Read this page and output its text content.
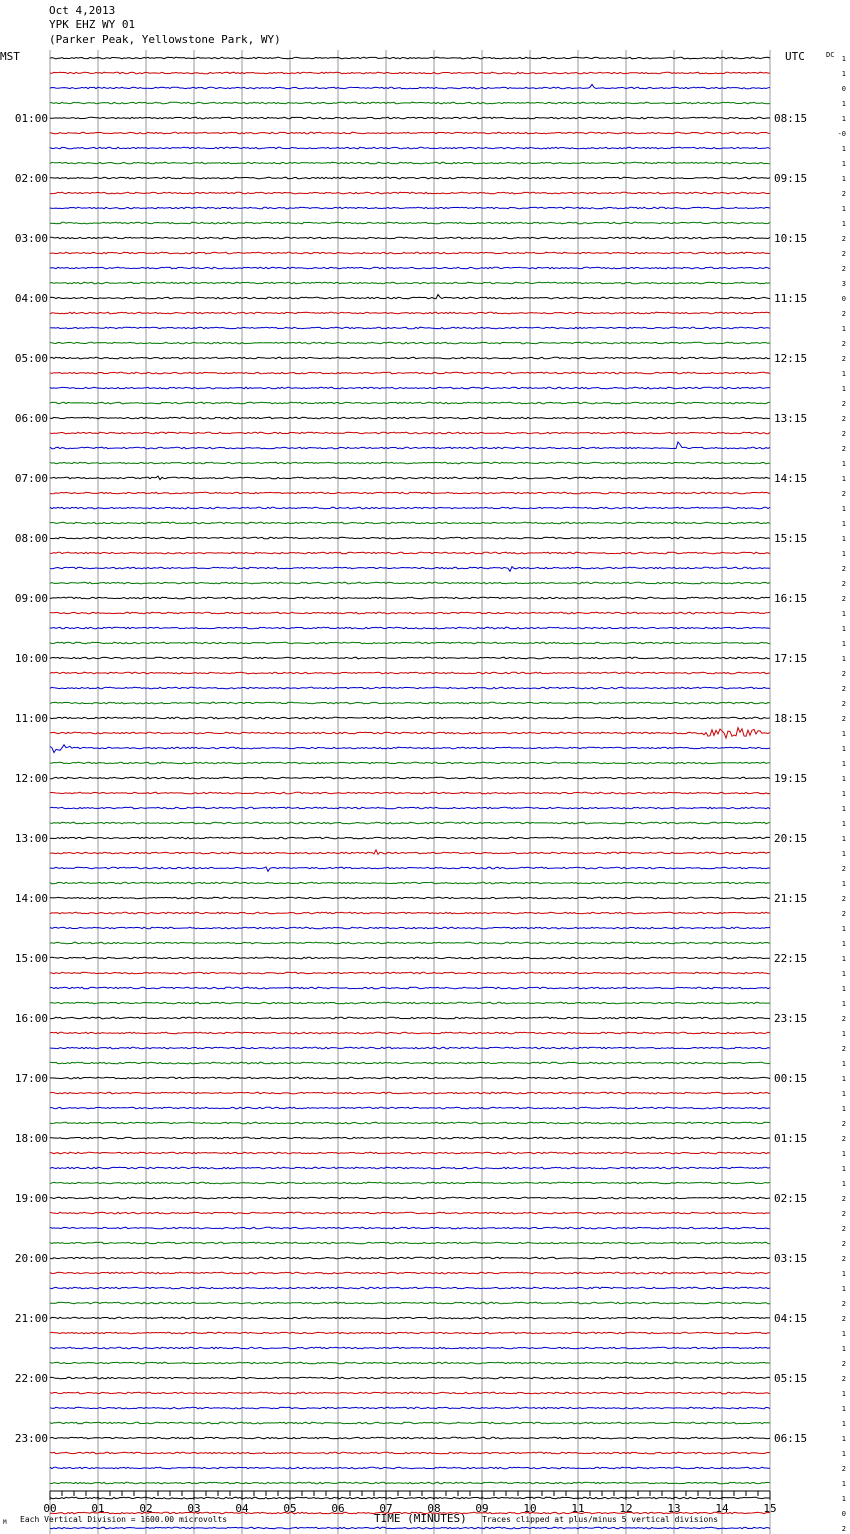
Oct 4,2013
YPK EHZ WY 01
(Parker Peak, Yellowstone Park, WY)
MST	UTC	DC
00	01	02	03	04	05	06	07	08	09	10	11	12	13	14	15
01:00	08:15
02:00	09:15
03:00	10:15
04:00	11:15
05:00	12:15
06:00	13:15
07:00	14:15
08:00	15:15
09:00	16:15
10:00	17:15
11:00	18:15
12:00	19:15
13:00	20:15
14:00	21:15
15:00	22:15
16:00	23:15
17:00	00:15
18:00	01:15
19:00	02:15
20:00	03:15
21:00	04:15
22:00	05:15
23:00	06:15
1
1
0
1
1
-0
1
1
1
2
1
1
2
2
2
3
0
2
1
2
2
1
1
2
2
2
2
1
1
2
1
1
1
1
2
2
2
1
1
1
1
2
2
2
2
1
1
1
1
1
1
1
1
1
2
1
2
2
1
1
1
1
1
1
2
1
2
1
1
1
1
2
2
1
1
1
2
2
2
2
2
1
1
2
2
1
1
2
2
1
1
1
1
1
2
1
1
0
2
M Each Vertical Division = 1600.00 microvolts	TIME (MINUTES) Traces clipped at plus/minus 5 vertical divisions
